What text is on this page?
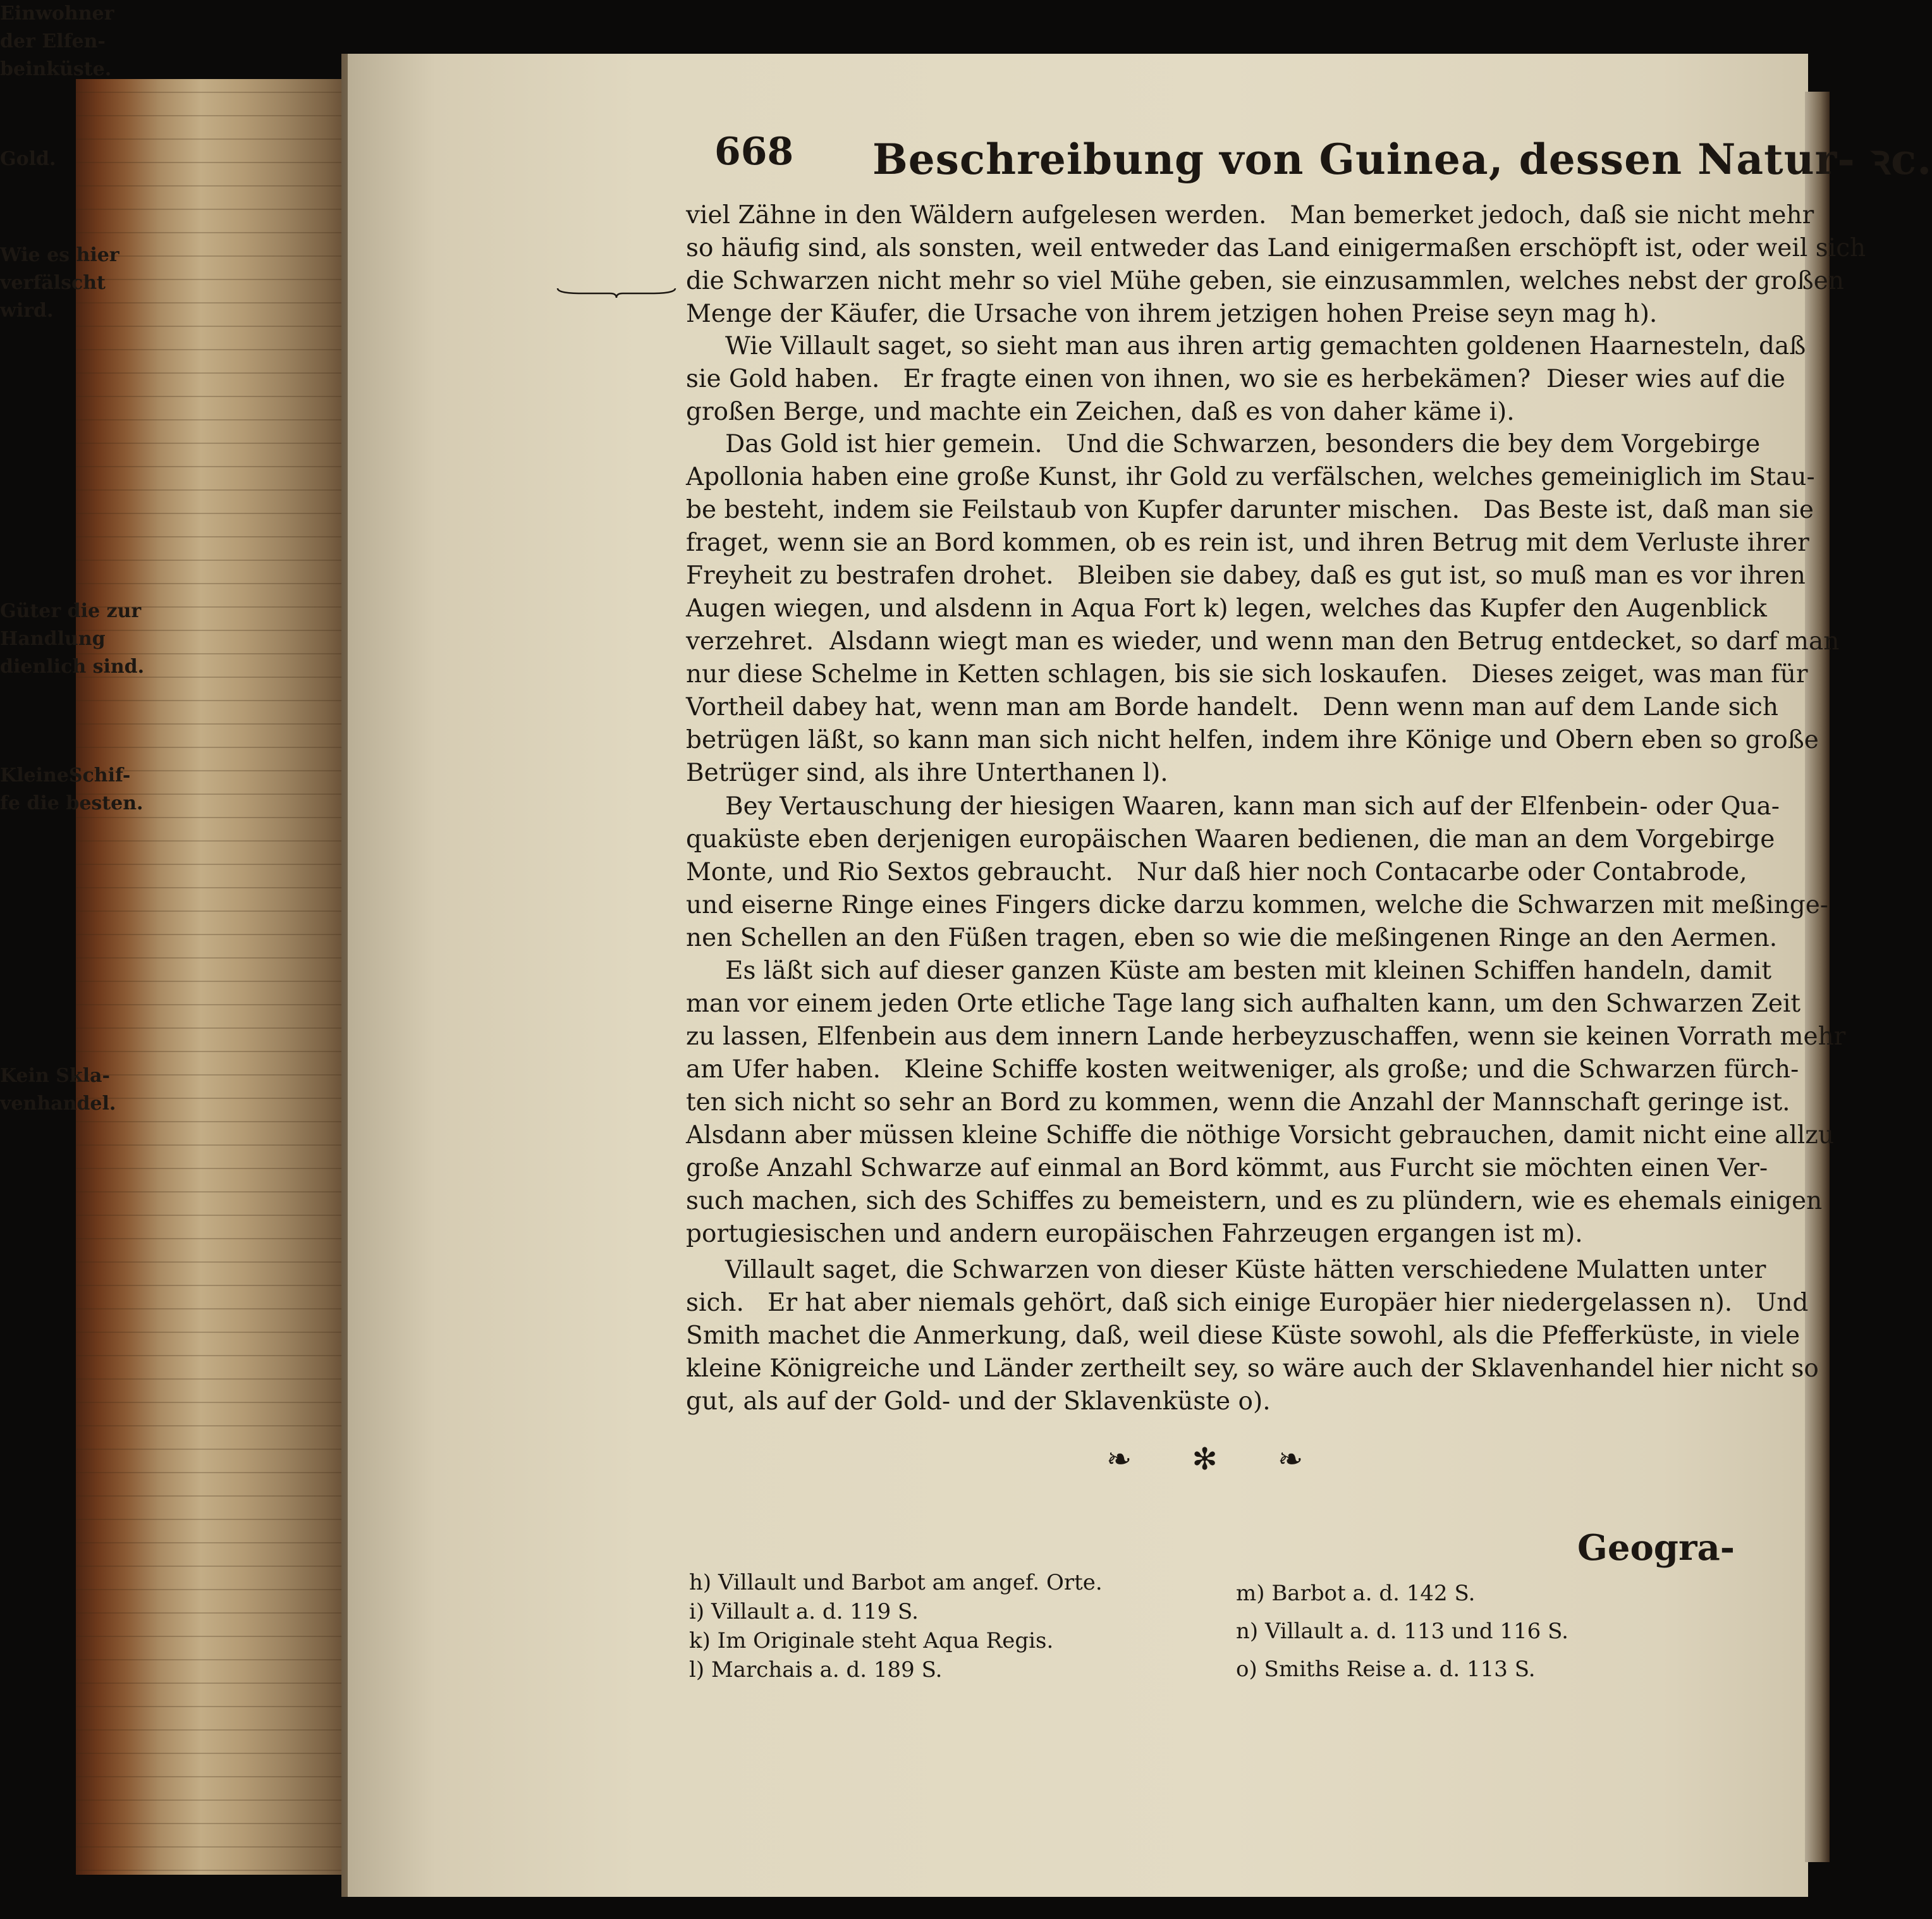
668 Beschreibung von Guinea, dessen Natur- ꝛc.
Einwohner
der Elfen-
beinküste.
Gold.
Wie es hier
verfälscht
wird.
Güter die zur
Handlung
dienlich sind.
KleineSchif-
fe die besten.
Kein Skla-
venhandel.
viel Zähne in den Wäldern aufgelesen werden.   Man bemerket jedoch, daß sie nicht mehr
so häufig sind, als sonsten, weil entweder das Land einigermaßen erschöpft ist, oder weil sich
die Schwarzen nicht mehr so viel Mühe geben, sie einzusammlen, welches nebst der großen
Menge der Käufer, die Ursache von ihrem jetzigen hohen Preise seyn mag h).
Wie Villault saget, so sieht man aus ihren artig gemachten goldenen Haarnesteln, daß
sie Gold haben.   Er fragte einen von ihnen, wo sie es herbekämen?  Dieser wies auf die
großen Berge, und machte ein Zeichen, daß es von daher käme i).
Das Gold ist hier gemein.   Und die Schwarzen, besonders die bey dem Vorgebirge
Apollonia haben eine große Kunst, ihr Gold zu verfälschen, welches gemeiniglich im Stau-
be besteht, indem sie Feilstaub von Kupfer darunter mischen.   Das Beste ist, daß man sie
fraget, wenn sie an Bord kommen, ob es rein ist, und ihren Betrug mit dem Verluste ihrer
Freyheit zu bestrafen drohet.   Bleiben sie dabey, daß es gut ist, so muß man es vor ihren
Augen wiegen, und alsdenn in Aqua Fort k) legen, welches das Kupfer den Augenblick
verzehret.  Alsdann wiegt man es wieder, und wenn man den Betrug entdecket, so darf man
nur diese Schelme in Ketten schlagen, bis sie sich loskaufen.   Dieses zeiget, was man für
Vortheil dabey hat, wenn man am Borde handelt.   Denn wenn man auf dem Lande sich
betrügen läßt, so kann man sich nicht helfen, indem ihre Könige und Obern eben so große
Betrüger sind, als ihre Unterthanen l).
Bey Vertauschung der hiesigen Waaren, kann man sich auf der Elfenbein- oder Qua-
quaküste eben derjenigen europäischen Waaren bedienen, die man an dem Vorgebirge
Monte, und Rio Sextos gebraucht.   Nur daß hier noch Contacarbe oder Contabrode,
und eiserne Ringe eines Fingers dicke darzu kommen, welche die Schwarzen mit meßinge-
nen Schellen an den Füßen tragen, eben so wie die meßingenen Ringe an den Aermen.
Es läßt sich auf dieser ganzen Küste am besten mit kleinen Schiffen handeln, damit
man vor einem jeden Orte etliche Tage lang sich aufhalten kann, um den Schwarzen Zeit
zu lassen, Elfenbein aus dem innern Lande herbeyzuschaffen, wenn sie keinen Vorrath mehr
am Ufer haben.   Kleine Schiffe kosten weitweniger, als große; und die Schwarzen fürch-
ten sich nicht so sehr an Bord zu kommen, wenn die Anzahl der Mannschaft geringe ist.
Alsdann aber müssen kleine Schiffe die nöthige Vorsicht gebrauchen, damit nicht eine allzu
große Anzahl Schwarze auf einmal an Bord kömmt, aus Furcht sie möchten einen Ver-
such machen, sich des Schiffes zu bemeistern, und es zu plündern, wie es ehemals einigen
portugiesischen und andern europäischen Fahrzeugen ergangen ist m).
Villault saget, die Schwarzen von dieser Küste hätten verschiedene Mulatten unter
sich.   Er hat aber niemals gehört, daß sich einige Europäer hier niedergelassen n).   Und
Smith machet die Anmerkung, daß, weil diese Küste sowohl, als die Pfefferküste, in viele
kleine Königreiche und Länder zertheilt sey, so wäre auch der Sklavenhandel hier nicht so
gut, als auf der Gold- und der Sklavenküste o).
❧ ✻ ❧
Geogra-
h) Villault und Barbot am angef. Orte.
i) Villault a. d. 119 S.
k) Im Originale steht Aqua Regis.
l) Marchais a. d. 189 S.
m) Barbot a. d. 142 S.
n) Villault a. d. 113 und 116 S.
o) Smiths Reise a. d. 113 S.
